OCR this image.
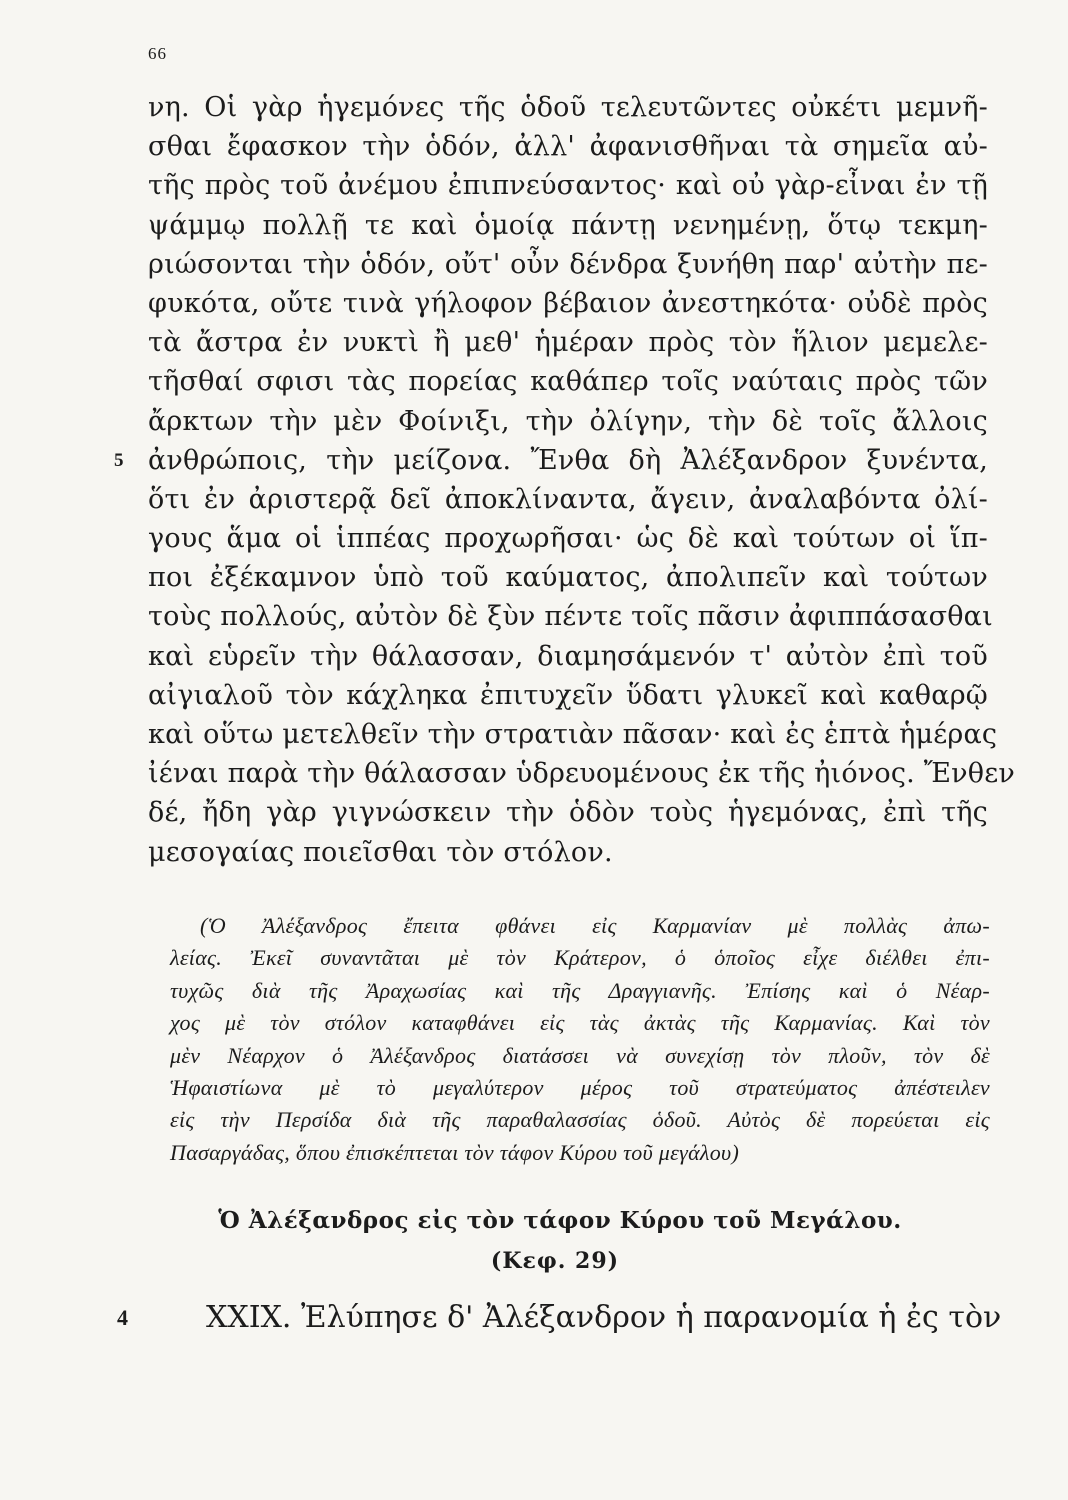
66
νη. Οἱ γὰρ ἡγεμόνες τῆς ὁδοῦ τελευτῶντες οὐκέτι μεμνῆ-
σθαι ἔφασκον τὴν ὁδόν, ἀλλ' ἀφανισθῆναι τὰ σημεῖα αὐ-
τῆς πρὸς τοῦ ἀνέμου ἐπιπνεύσαντος· καὶ οὐ γὰρ-εἶναι ἐν τῇ
ψάμμῳ πολλῇ τε καὶ ὁμοίᾳ πάντῃ νενημένῃ, ὅτῳ τεκμη-
ριώσονται τὴν ὁδόν, οὔτ' οὖν δένδρα ξυνήθη παρ' αὐτὴν πε-
φυκότα, οὔτε τινὰ γήλοφον βέβαιον ἀνεστηκότα· οὐδὲ πρὸς
τὰ ἄστρα ἐν νυκτὶ ἢ μεθ' ἡμέραν πρὸς τὸν ἥλιον μεμελε-
τῆσθαί σφισι τὰς πορείας καθάπερ τοῖς ναύταις πρὸς τῶν
ἄρκτων τὴν μὲν Φοίνιξι, τὴν ὀλίγην, τὴν δὲ τοῖς ἄλλοις
5 ἀνθρώποις, τὴν μείζονα. Ἔνθα δὴ Ἀλέξανδρον ξυνέντα,
ὅτι ἐν ἀριστερᾷ δεῖ ἀποκλίναντα, ἄγειν, ἀναλαβόντα ὀλί-
γους ἅμα οἱ ἱππέας προχωρῆσαι· ὡς δὲ καὶ τούτων οἱ ἵπ-
ποι ἐξέκαμνον ὑπὸ τοῦ καύματος, ἀπολιπεῖν καὶ τούτων
τοὺς πολλούς, αὐτὸν δὲ ξὺν πέντε τοῖς πᾶσιν ἀφιππάσασθαι
καὶ εὑρεῖν τὴν θάλασσαν, διαμησάμενόν τ' αὐτὸν ἐπὶ τοῦ
αἰγιαλοῦ τὸν κάχληκα ἐπιτυχεῖν ὕδατι γλυκεῖ καὶ καθαρῷ
καὶ οὕτω μετελθεῖν τὴν στρατιὰν πᾶσαν· καὶ ἐς ἑπτὰ ἡμέρας
ἰέναι παρὰ τὴν θάλασσαν ὑδρευομένους ἐκ τῆς ἠιόνος. Ἔνθεν
δέ, ἤδη γὰρ γιγνώσκειν τὴν ὁδὸν τοὺς ἡγεμόνας, ἐπὶ τῆς
μεσογαίας ποιεῖσθαι τὸν στόλον.
(Ὁ Ἀλέξανδρος ἔπειτα φθάνει εἰς Καρμανίαν μὲ πολλὰς ἀπω-
λείας. Ἐκεῖ συναντᾶται μὲ τὸν Κράτερον, ὁ ὁποῖος εἶχε διέλθει ἐπι-
τυχῶς διὰ τῆς Ἀραχωσίας καὶ τῆς Δραγγιανῆς. Ἐπίσης καὶ ὁ Νέαρ-
χος μὲ τὸν στόλον καταφθάνει εἰς τὰς ἀκτὰς τῆς Καρμανίας. Καὶ τὸν
μὲν Νέαρχον ὁ Ἀλέξανδρος διατάσσει νὰ συνεχίσῃ τὸν πλοῦν, τὸν δὲ
Ἡφαιστίωνα μὲ τὸ μεγαλύτερον μέρος τοῦ στρατεύματος ἀπέστειλεν
εἰς τὴν Περσίδα διὰ τῆς παραθαλασσίας ὁδοῦ. Αὐτὸς δὲ πορεύεται εἰς
Πασαργάδας, ὅπου ἐπισκέπτεται τὸν τάφον Κύρου τοῦ μεγάλου)
Ὁ Ἀλέξανδρος εἰς τὸν τάφον Κύρου τοῦ Μεγάλου.
(Κεφ. 29)
4	XXIX. Ἐλύπησε δ' Ἀλέξανδρον ἡ παρανομία ἡ ἐς τὸν
